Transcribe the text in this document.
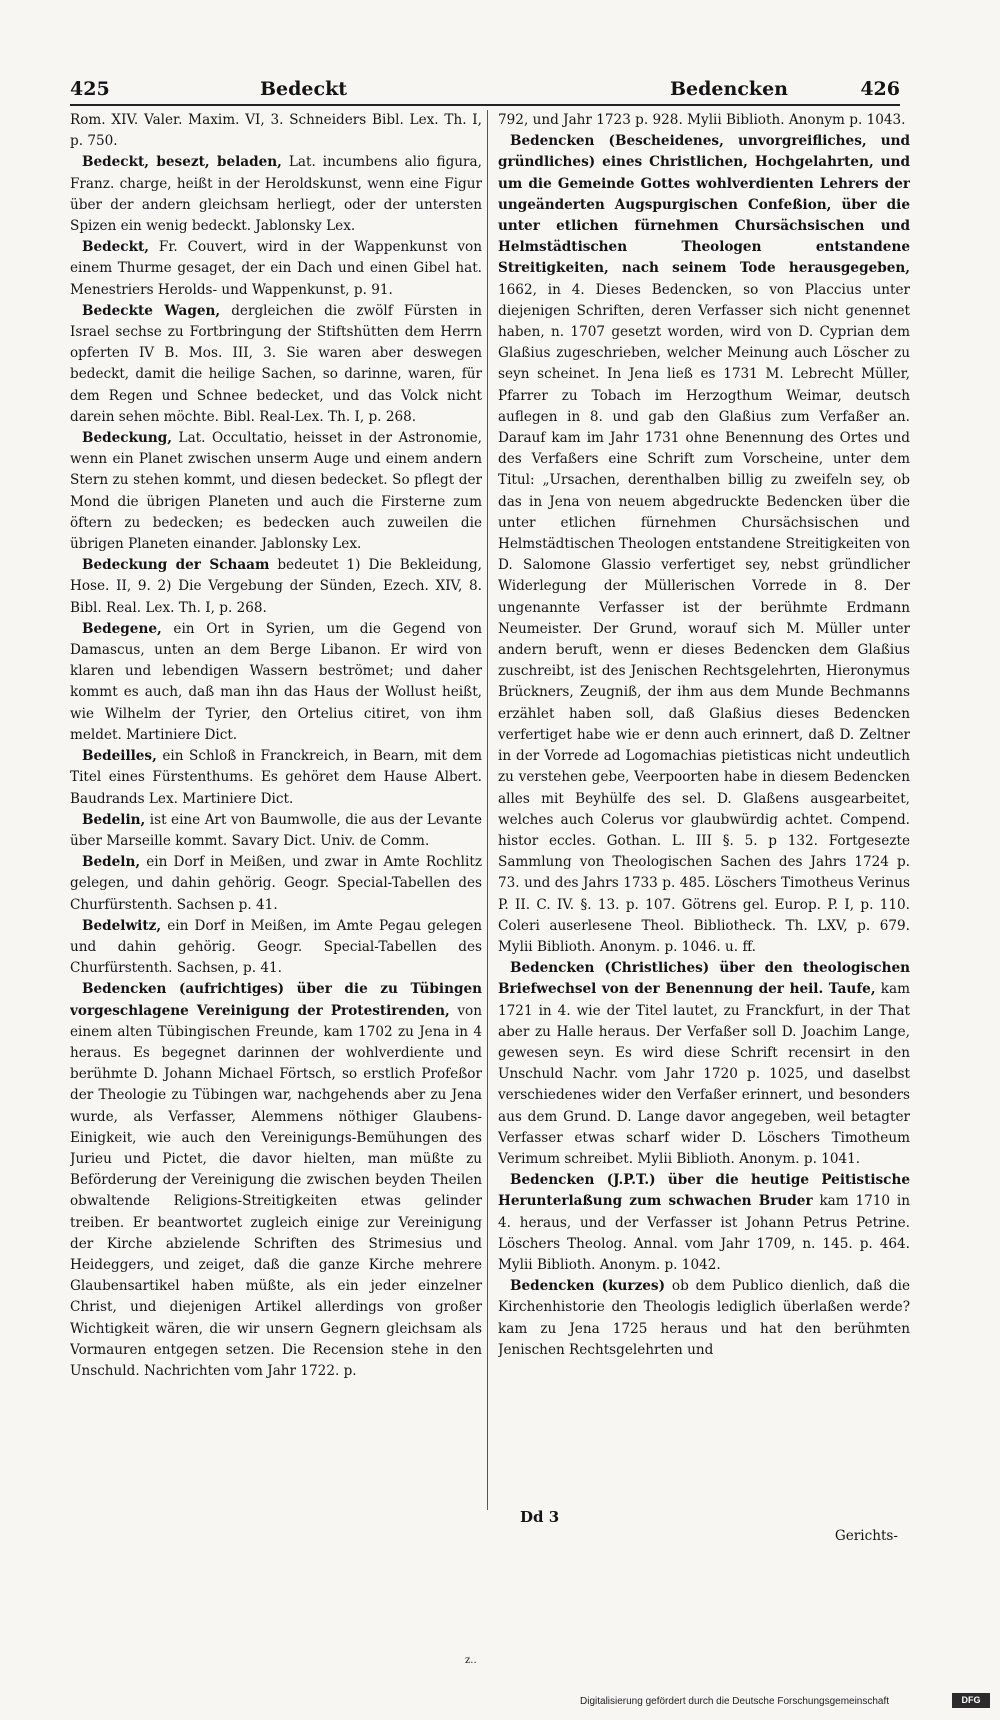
425	Bedeckt	Bedencken	426

Rom. XIV. Valer. Maxim. VI, 3. Schneiders Bibl. Lex. Th. I, p. 750.

Bedeckt, besezt, beladen, Lat. incumbens alio figura, Franz. charge, heißt in der Heroldskunst, wenn eine Figur über der andern gleichsam herliegt, oder der untersten Spizen ein wenig bedeckt. Jablonsky Lex.

Bedeckt, Fr. Couvert, wird in der Wappenkunst von einem Thurme gesaget, der ein Dach und einen Gibel hat. Menestriers Herolds- und Wappenkunst, p. 91.

Bedeckte Wagen, dergleichen die zwölf Fürsten in Israel sechse zu Fortbringung der Stiftshütten dem Herrn opferten IV B. Mos. III, 3. Sie waren aber deswegen bedeckt, damit die heilige Sachen, so darinne, waren, für dem Regen und Schnee bedecket, und das Volck nicht darein sehen möchte. Bibl. Real-Lex. Th. I, p. 268.

Bedeckung, Lat. Occultatio, heisset in der Astronomie, wenn ein Planet zwischen unserm Auge und einem andern Stern zu stehen kommt, und diesen bedecket. So pflegt der Mond die übrigen Planeten und auch die Firsterne zum öftern zu bedecken; es bedecken auch zuweilen die übrigen Planeten einander. Jablonsky Lex.

Bedeckung der Schaam bedeutet 1) Die Bekleidung, Hose. II, 9. 2) Die Vergebung der Sünden, Ezech. XIV, 8. Bibl. Real. Lex. Th. I, p. 268.

Bedegene, ein Ort in Syrien, um die Gegend von Damascus, unten an dem Berge Libanon. Er wird von klaren und lebendigen Wassern beströmet; und daher kommt es auch, daß man ihn das Haus der Wollust heißt, wie Wilhelm der Tyrier, den Ortelius citiret, von ihm meldet. Martiniere Dict.

Bedeilles, ein Schloß in Franckreich, in Bearn, mit dem Titel eines Fürstenthums. Es gehöret dem Hause Albert. Baudrands Lex. Martiniere Dict.

Bedelin, ist eine Art von Baumwolle, die aus der Levante über Marseille kommt. Savary Dict. Univ. de Comm.

Bedeln, ein Dorf in Meißen, und zwar in Amte Rochlitz gelegen, und dahin gehörig. Geogr. Special-Tabellen des Churfürstenth. Sachsen p. 41.

Bedelwitz, ein Dorf in Meißen, im Amte Pegau gelegen und dahin gehörig. Geogr. Special-Tabellen des Churfürstenth. Sachsen, p. 41.

Bedencken (aufrichtiges) über die zu Tübingen vorgeschlagene Vereinigung der Protestirenden, von einem alten Tübingischen Freunde, kam 1702 zu Jena in 4 heraus. Es begegnet darinnen der wohlverdiente und berühmte D. Johann Michael Förtsch, so erstlich Profeßor der Theologie zu Tübingen war, nachgehends aber zu Jena wurde, als Verfasser, Alemmens nöthiger Glaubens-Einigkeit, wie auch den Vereinigungs-Bemühungen des Jurieu und Pictet, die davor hielten, man müßte zu Beförderung der Vereinigung die zwischen beyden Theilen obwaltende Religions-Streitigkeiten etwas gelinder treiben. Er beantwortet zugleich einige zur Vereinigung der Kirche abzielende Schriften des Strimesius und Heideggers, und zeiget, daß die ganze Kirche mehrere Glaubensartikel haben müßte, als ein jeder einzelner Christ, und diejenigen Artikel allerdings von großer Wichtigkeit wären, die wir unsern Gegnern gleichsam als Vormauren entgegen setzen. Die Recension stehe in den Unschuld. Nachrichten vom Jahr 1722. p.

792, und Jahr 1723 p. 928. Mylii Biblioth. Anonym p. 1043.

Bedencken (Bescheidenes, unvorgreifliches, und gründliches) eines Christlichen, Hochgelahrten, und um die Gemeinde Gottes wohlverdienten Lehrers der ungeänderten Augspurgischen Confeßion, über die unter etlichen fürnehmen Chursächsischen und Helmstädtischen Theologen entstandene Streitigkeiten, nach seinem Tode herausgegeben, 1662, in 4. Dieses Bedencken, so von Placcius unter diejenigen Schriften, deren Verfasser sich nicht genennet haben, n. 1707 gesetzt worden, wird von D. Cyprian dem Glaßius zugeschrieben, welcher Meinung auch Löscher zu seyn scheinet. In Jena ließ es 1731 M. Lebrecht Müller, Pfarrer zu Tobach im Herzogthum Weimar, deutsch auflegen in 8. und gab den Glaßius zum Verfaßer an. Darauf kam im Jahr 1731 ohne Benennung des Ortes und des Verfaßers eine Schrift zum Vorscheine, unter dem Titul: „Ursachen, derenthalben billig zu zweifeln sey, ob das in Jena von neuem abgedruckte Bedencken über die unter etlichen fürnehmen Chursächsischen und Helmstädtischen Theologen entstandene Streitigkeiten von D. Salomone Glassio verfertiget sey, nebst gründlicher Widerlegung der Müllerischen Vorrede in 8. Der ungenannte Verfasser ist der berühmte Erdmann Neumeister. Der Grund, worauf sich M. Müller unter andern beruft, wenn er dieses Bedencken dem Glaßius zuschreibt, ist des Jenischen Rechtsgelehrten, Hieronymus Brückners, Zeugniß, der ihm aus dem Munde Bechmanns erzählet haben soll, daß Glaßius dieses Bedencken verfertiget habe wie er denn auch erinnert, daß D. Zeltner in der Vorrede ad Logomachias pietisticas nicht undeutlich zu verstehen gebe, Veerpoorten habe in diesem Bedencken alles mit Beyhülfe des sel. D. Glaßens ausgearbeitet, welches auch Colerus vor glaubwürdig achtet. Compend. histor eccles. Gothan. L. III §. 5. p 132. Fortgesezte Sammlung von Theologischen Sachen des Jahrs 1724 p. 73. und des Jahrs 1733 p. 485. Löschers Timotheus Verinus P. II. C. IV. §. 13. p. 107. Götrens gel. Europ. P. I, p. 110. Coleri auserlesene Theol. Bibliotheck. Th. LXV, p. 679. Mylii Biblioth. Anonym. p. 1046. u. ff.

Bedencken (Christliches) über den theologischen Briefwechsel von der Benennung der heil. Taufe, kam 1721 in 4. wie der Titel lautet, zu Franckfurt, in der That aber zu Halle heraus. Der Verfaßer soll D. Joachim Lange, gewesen seyn. Es wird diese Schrift recensirt in den Unschuld Nachr. vom Jahr 1720 p. 1025, und daselbst verschiedenes wider den Verfaßer erinnert, und besonders aus dem Grund. D. Lange davor angegeben, weil betagter Verfasser etwas scharf wider D. Löschers Timotheum Verimum schreibet. Mylii Biblioth. Anonym. p. 1041.

Bedencken (J.P.T.) über die heutige Peitistische Herunterlaßung zum schwachen Bruder kam 1710 in 4. heraus, und der Verfasser ist Johann Petrus Petrine. Löschers Theolog. Annal. vom Jahr 1709, n. 145. p. 464. Mylii Biblioth. Anonym. p. 1042.

Bedencken (kurzes) ob dem Publico dienlich, daß die Kirchenhistorie den Theologis lediglich überlaßen werde? kam zu Jena 1725 heraus und hat den berühmten Jenischen Rechtsgelehrten und

Dd 3
Gerichts-
z..
Digitalisierung gefördert durch die Deutsche Forschungsgemeinschaft	DFG
